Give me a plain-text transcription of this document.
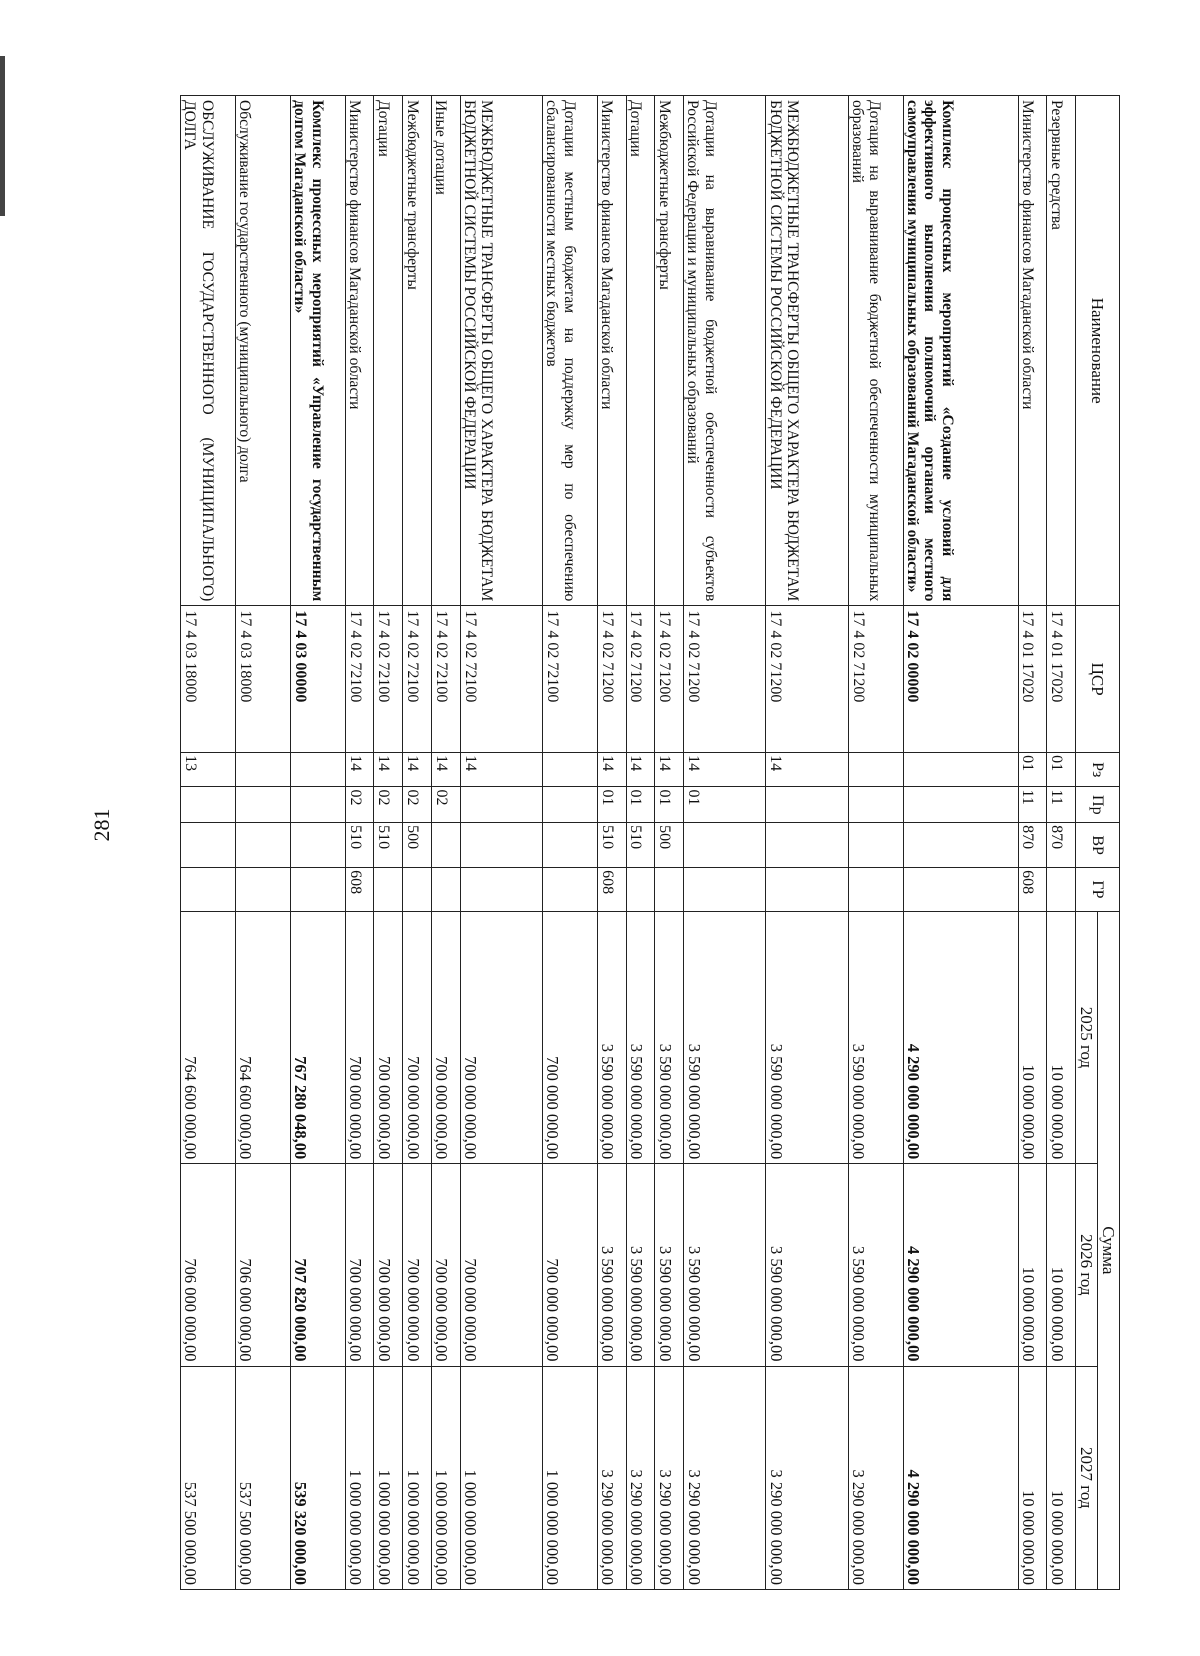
281
Наименование	ЦСР	Рз	Пр	ВР	ГР	Сумма		
						2025 год	2026 год	2027 год
Резервные средства	17 4 01 17020	01	11	870		10 000 000,00	10 000 000,00	10 000 000,00
Министерство финансов Магаданской области	17 4 01 17020	01	11	870	608	10 000 000,00	10 000 000,00	10 000 000,00
Комплекс процессных мероприятий «Создание условий для эффективного выполнения полномочий органами местного самоуправления муниципальных образований Магаданской области»	17 4 02 00000					4 290 000 000,00	4 290 000 000,00	4 290 000 000,00
Дотация на выравнивание бюджетной обеспеченности муниципальных образований	17 4 02 71200					3 590 000 000,00	3 590 000 000,00	3 290 000 000,00
МЕЖБЮДЖЕТНЫЕ ТРАНСФЕРТЫ ОБЩЕГО ХАРАКТЕРА БЮДЖЕТАМ БЮДЖЕТНОЙ СИСТЕМЫ РОССИЙСКОЙ ФЕДЕРАЦИИ	17 4 02 71200	14				3 590 000 000,00	3 590 000 000,00	3 290 000 000,00
Дотации на выравнивание бюджетной обеспеченности субъектов Российской Федерации и муниципальных образований	17 4 02 71200	14	01			3 590 000 000,00	3 590 000 000,00	3 290 000 000,00
Межбюджетные трансферты	17 4 02 71200	14	01	500		3 590 000 000,00	3 590 000 000,00	3 290 000 000,00
Дотации	17 4 02 71200	14	01	510		3 590 000 000,00	3 590 000 000,00	3 290 000 000,00
Министерство финансов Магаданской области	17 4 02 71200	14	01	510	608	3 590 000 000,00	3 590 000 000,00	3 290 000 000,00
Дотации местным бюджетам на поддержку мер по обеспечению сбалансированности местных бюджетов	17 4 02 72100					700 000 000,00	700 000 000,00	1 000 000 000,00
МЕЖБЮДЖЕТНЫЕ ТРАНСФЕРТЫ ОБЩЕГО ХАРАКТЕРА БЮДЖЕТАМ БЮДЖЕТНОЙ СИСТЕМЫ РОССИЙСКОЙ ФЕДЕРАЦИИ	17 4 02 72100	14				700 000 000,00	700 000 000,00	1 000 000 000,00
Иные дотации	17 4 02 72100	14	02			700 000 000,00	700 000 000,00	1 000 000 000,00
Межбюджетные трансферты	17 4 02 72100	14	02	500		700 000 000,00	700 000 000,00	1 000 000 000,00
Дотации	17 4 02 72100	14	02	510		700 000 000,00	700 000 000,00	1 000 000 000,00
Министерство финансов Магаданской области	17 4 02 72100	14	02	510	608	700 000 000,00	700 000 000,00	1 000 000 000,00
Комплекс процессных мероприятий «Управление государственным долгом Магаданской области»	17 4 03 00000					767 280 048,00	707 820 000,00	539 320 000,00
Обслуживание государственного (муниципального) долга	17 4 03 18000					764 600 000,00	706 000 000,00	537 500 000,00
ОБСЛУЖИВАНИЕ ГОСУДАРСТВЕННОГО (МУНИЦИПАЛЬНОГО) ДОЛГА	17 4 03 18000	13				764 600 000,00	706 000 000,00	537 500 000,00
